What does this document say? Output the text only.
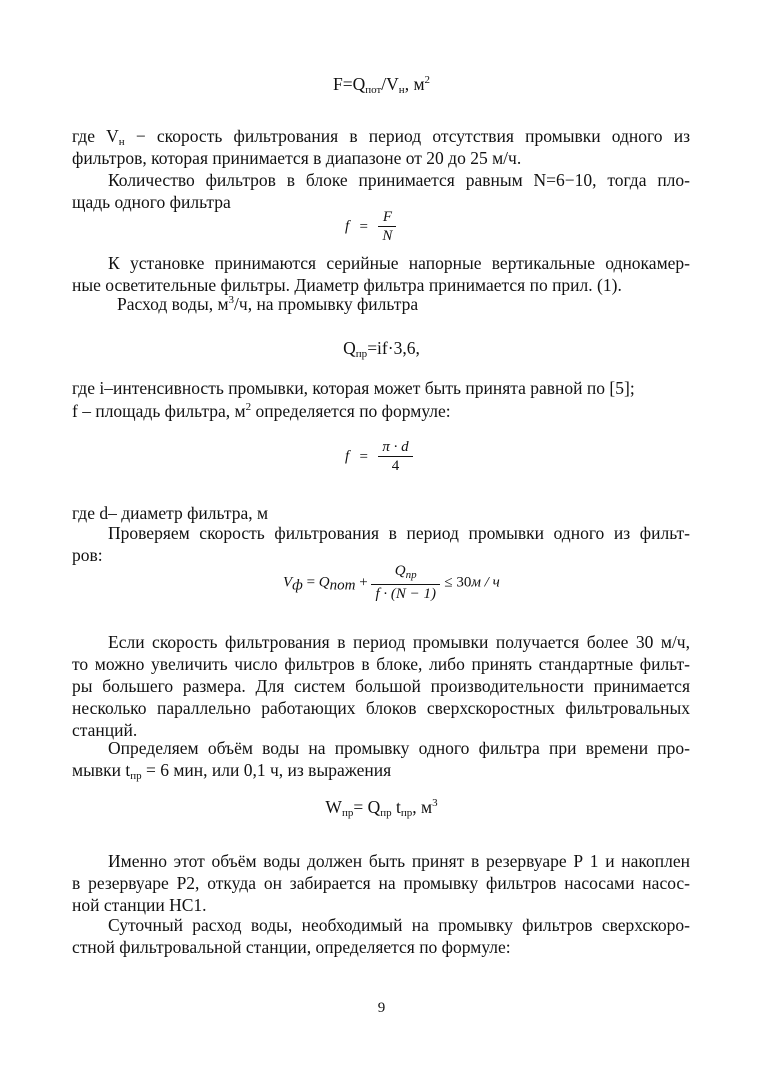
$F=Q_{пот}/V_н$, $м^2$
где $V_н$ − скорость фильтрования в период отсутствия промывки одного из
фильтров, которая принимается в диапазоне от 20 до 25 м/ч.
Количество фильтров в блоке принимается равным N=6−10, тогда пло-
щадь одного фильтра
$f = \frac{F}{N}$
К установке принимаются серийные напорные вертикальные однокамер-
ные осветительные фильтры. Диаметр фильтра принимается по прил. (1).
Расход воды, $м^3/ч$, на промывку фильтра
$Q_{пр}=if\cdot 3,6$,
где i–интенсивность промывки, которая может быть принята равной по [5];
f – площадь фильтра, $м^2$ определяется по формуле:
$f = \frac{\pi \cdot d}{4}$
где d– диаметр фильтра, м
Проверяем скорость фильтрования в период промывки одного из фильт-
ров:
$V_ф = Q_{пот} + \frac{Q_{пр}}{f \cdot (N - 1)} \le 30м / ч$
Если скорость фильтрования в период промывки получается более 30 м/ч,
то можно увеличить число фильтров в блоке, либо принять стандартные фильт-
ры большего размера. Для систем большой производительности принимается
несколько параллельно работающих блоков сверхскоростных фильтровальных
станций.
Определяем объём воды на промывку одного фильтра при времени про-
мывки $t_{пр} = 6$ мин, или 0,1 ч, из выражения
$W_{пр}= Q_{пр}$ $t_{пр}$, $м^3$
Именно этот объём воды должен быть принят в резервуаре Р 1 и накоплен
в резервуаре Р2, откуда он забирается на промывку фильтров насосами насос-
ной станции НС1.
Суточный расход воды, необходимый на промывку фильтров сверхскоро-
стной фильтровальной станции, определяется по формуле:
9
